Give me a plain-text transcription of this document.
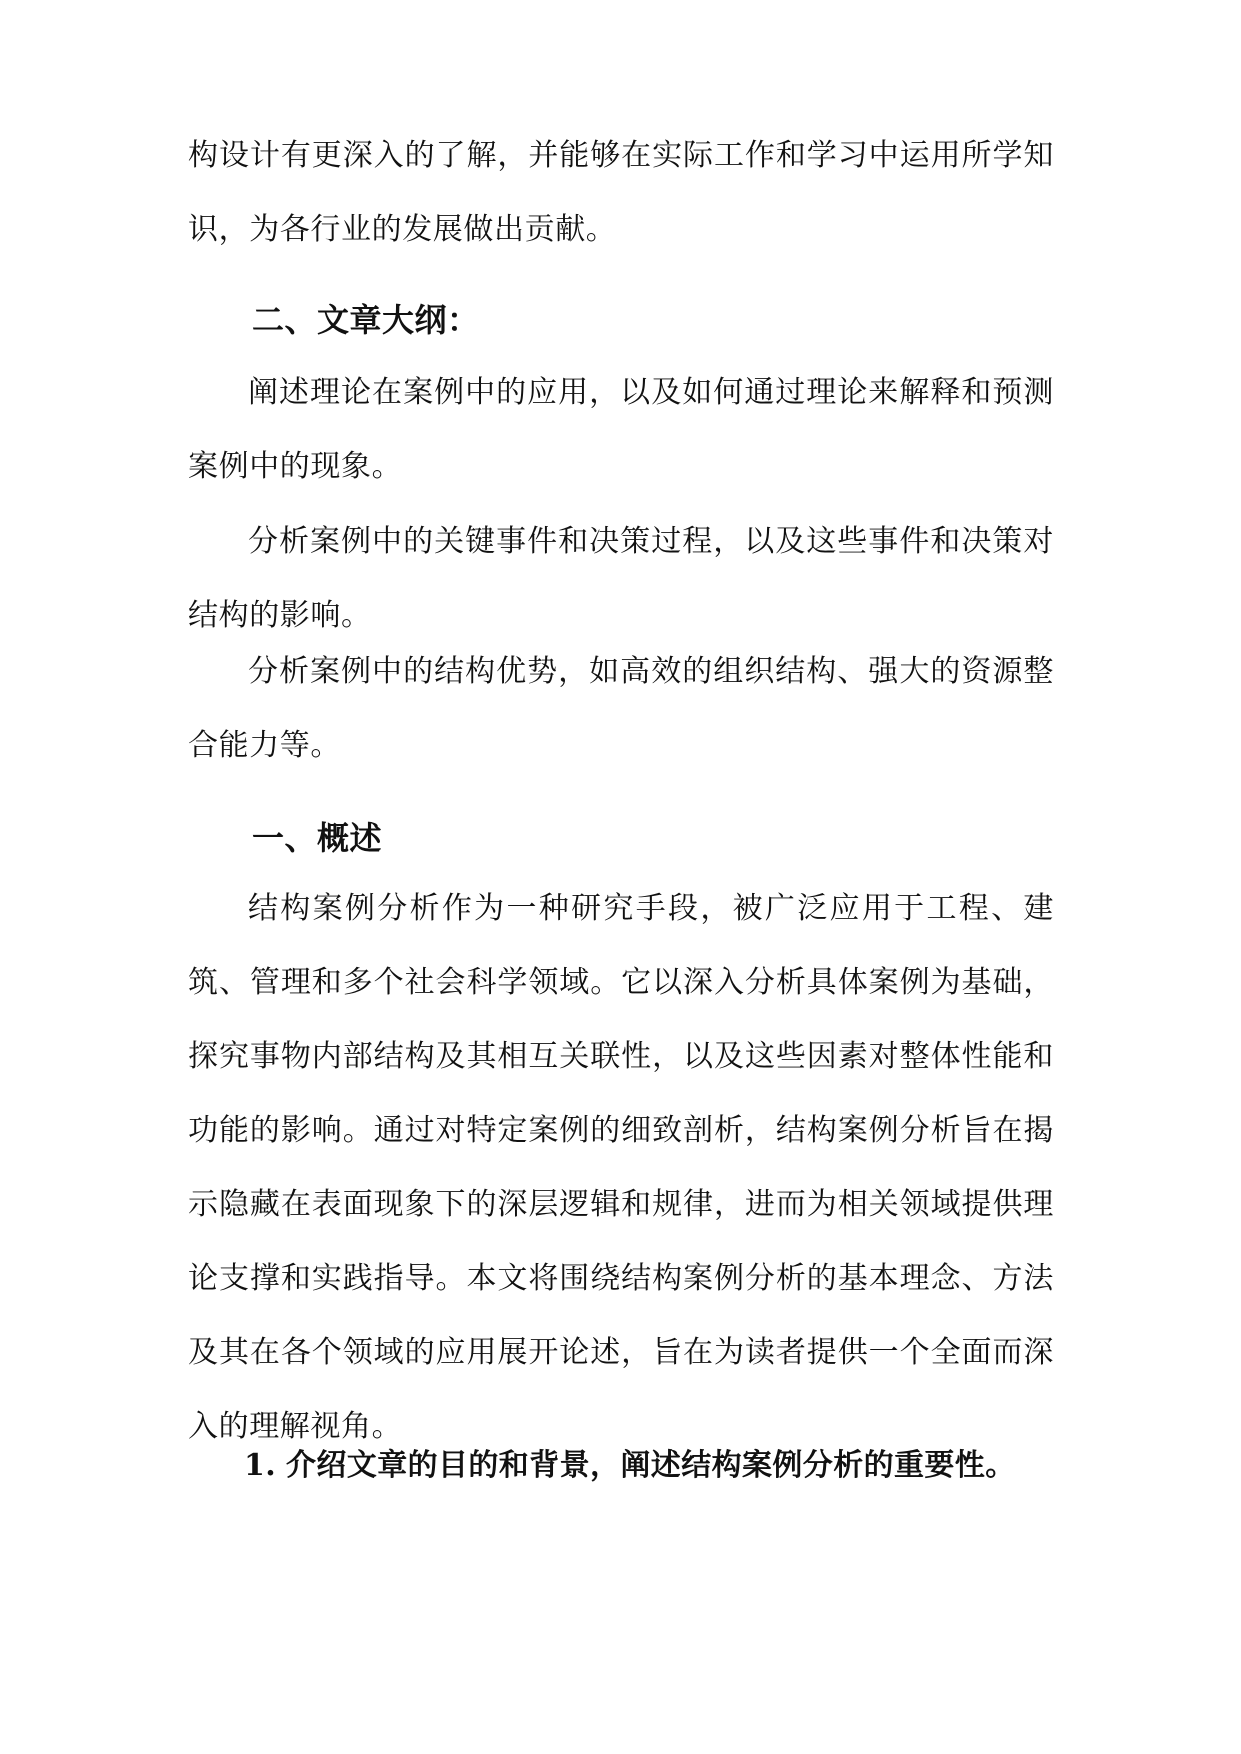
构设计有更深入的了解，并能够在实际工作和学习中运用所学知识，为各行业的发展做出贡献。

二、文章大纲：

阐述理论在案例中的应用，以及如何通过理论来解释和预测案例中的现象。

分析案例中的关键事件和决策过程，以及这些事件和决策对结构的影响。

分析案例中的结构优势，如高效的组织结构、强大的资源整合能力等。

一、概述

结构案例分析作为一种研究手段，被广泛应用于工程、建筑、管理和多个社会科学领域。它以深入分析具体案例为基础，探究事物内部结构及其相互关联性，以及这些因素对整体性能和功能的影响。通过对特定案例的细致剖析，结构案例分析旨在揭示隐藏在表面现象下的深层逻辑和规律，进而为相关领域提供理论支撑和实践指导。本文将围绕结构案例分析的基本理念、方法及其在各个领域的应用展开论述，旨在为读者提供一个全面而深入的理解视角。

1. 介绍文章的目的和背景，阐述结构案例分析的重要性。
